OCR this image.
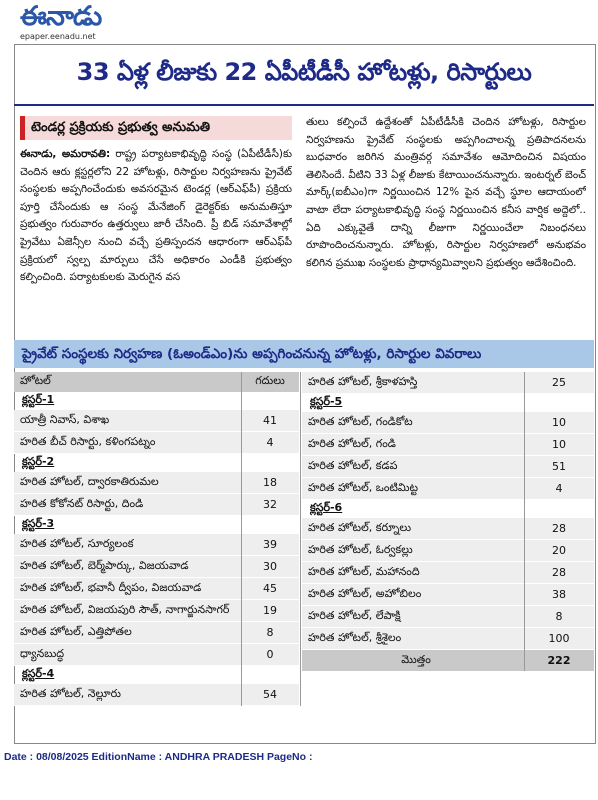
ఈనాడు
epaper.eenadu.net
33 ఏళ్ల లీజుకు 22 ఏపీటీడీసీ హోటళ్లు, రిసార్టులు
టెండర్ల ప్రక్రియకు ప్రభుత్వ అనుమతి
ఈనాడు, అమరావతి: రాష్ట్ర పర్యాటకాభివృద్ధి సంస్థ (ఏపీటీడీసీ)కు చెందిన ఆరు క్లస్టర్లలోని 22 హోటళ్లు, రిసార్టుల నిర్వహణను ప్రైవేట్ సంస్థలకు అప్పగించేందుకు అవసరమైన టెండర్ల (ఆర్ఎఫ్‌పీ) ప్రక్రియ పూర్తి చేసేందుకు ఆ సంస్థ మేనేజింగ్ డైరెక్టర్‌కు అనుమతిస్తూ ప్రభుత్వం గురువారం ఉత్తర్వులు జారీ చేసింది. ప్రీ బిడ్ సమావేశాల్లో ప్రైవేటు ఏజెన్సీల నుంచి వచ్చే ప్రతిస్పందన ఆధారంగా ఆర్ఎఫ్‌పీ ప్రక్రియలో స్వల్ప మార్పులు చేసే అధికారం ఎండీకి ప్రభుత్వం కల్పించింది. పర్యాటకులకు మెరుగైన వస
తులు కల్పించే ఉద్దేశంతో ఏపీటీడీసీకి చెందిన హోటళ్లు, రిసార్టుల నిర్వహణను ప్రైవేట్ సంస్థలకు అప్పగించాలన్న ప్రతిపాదనలను బుధవారం జరిగిన మంత్రివర్గ సమావేశం ఆమోదించిన విషయం తెలిసిందే. వీటిని 33 ఏళ్ల లీజుకు కేటాయించనున్నారు. ఇంటర్నల్ బెంచ్ మార్క్(ఐబీఎం)గా నిర్ణయించిన 12% పైన వచ్చే స్థూల ఆదాయంలో వాటా లేదా పర్యాటకాభివృద్ధి సంస్థ నిర్ణయించిన కనీస వార్షిక అద్దెలో.. ఏది ఎక్కువైతే దాన్ని లీజుగా నిర్ణయించేలా నిబంధనలు రూపొందించనున్నారు. హోటళ్లు, రిసార్టుల నిర్వహణలో అనుభవం కలిగిన ప్రముఖ సంస్థలకు ప్రాధాన్యమివ్వాలని ప్రభుత్వం ఆదేశించింది.
ప్రైవేట్ సంస్థలకు నిర్వహణ (ఓఅండ్ఎం)ను అప్పగించనున్న హోటళ్లు, రిసార్టుల వివరాలు
హోటల్	గదులు
క్లస్టర్-1
యాత్రీ నివాస్, విశాఖ	41
హరిత బీచ్ రిసార్టు, కళింగపట్నం	4
క్లస్టర్-2
హరిత హోటల్, ద్వారకాతిరుమల	18
హరిత కోకోనట్ రిసార్టు, దిండి	32
క్లస్టర్-3
హరిత హోటల్, సూర్యలంక	39
హరిత హోటల్, బెర్మ్‌పార్కు, విజయవాడ	30
హరిత హోటల్, భవానీ ద్వీపం, విజయవాడ	45
హరిత హోటల్, విజయపురి సౌత్, నాగార్జునసాగర్	19
హరిత హోటల్, ఎత్తిపోతల	8
ధ్యానబుద్ధ	0
క్లస్టర్-4
హరిత హోటల్, నెల్లూరు	54
హరిత హోటల్, శ్రీకాళహస్తి	25
క్లస్టర్-5
హరిత హోటల్, గండికోట	10
హరిత హోటల్, గండి	10
హరిత హోటల్, కడప	51
హరిత హోటల్, ఒంటిమిట్ట	4
క్లస్టర్-6
హరిత హోటల్, కర్నూలు	28
హరిత హోటల్, ఓర్వకల్లు	20
హరిత హోటల్, మహానంది	28
హరిత హోటల్, అహోబిలం	38
హరిత హోటల్, లేపాక్షి	8
హరిత హోటల్, శ్రీశైలం	100
మొత్తం	222
Date : 08/08/2025 EditionName : ANDHRA PRADESH PageNo :
